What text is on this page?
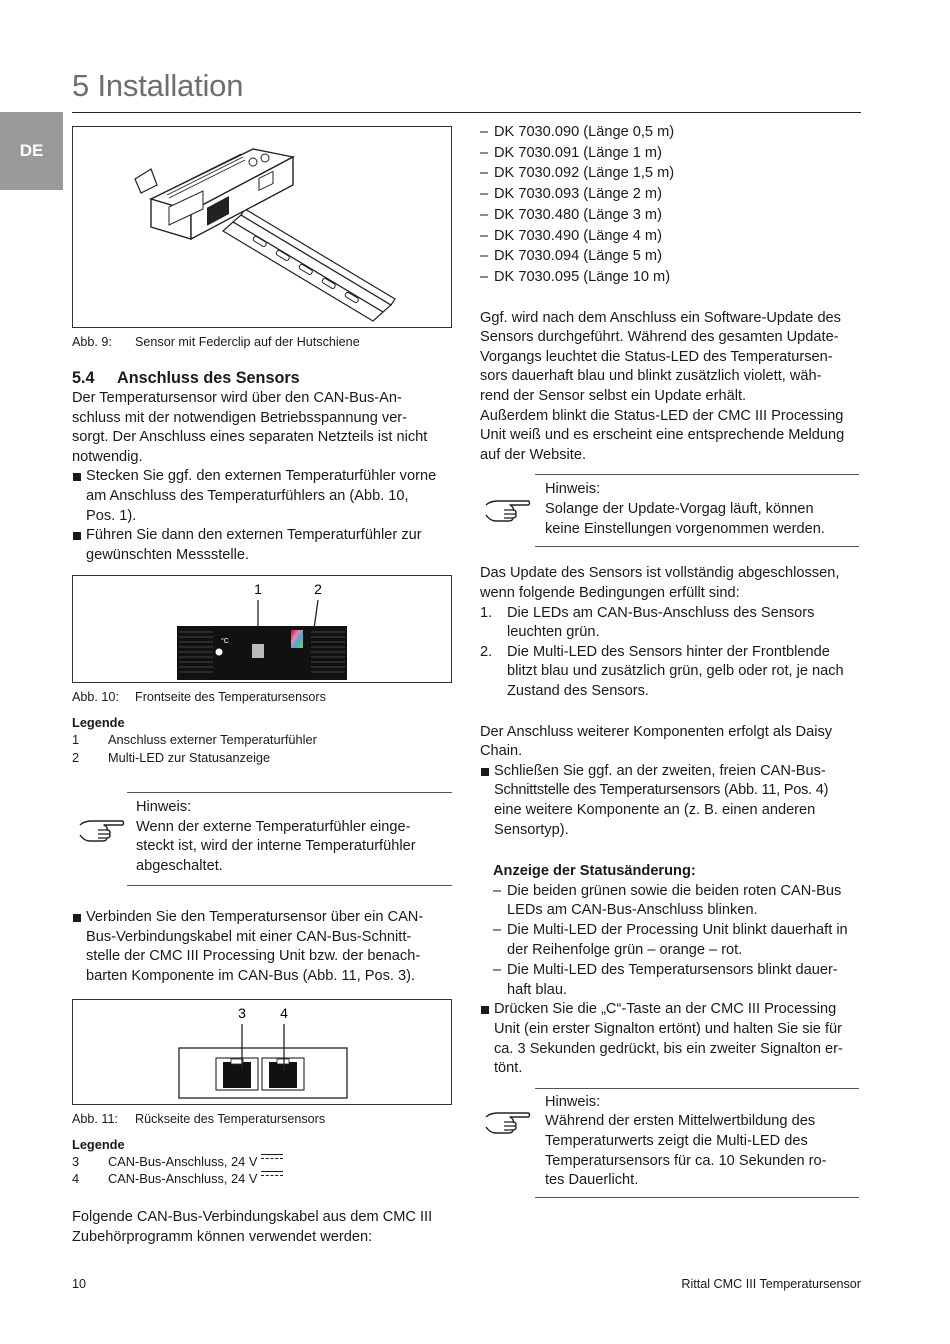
5 Installation
DE
Abb. 9:	Sensor mit Federclip auf der Hutschiene
5.4	Anschluss des Sensors
Der Temperatursensor wird über den CAN-Bus-An-
schluss mit der notwendigen Betriebsspannung ver-
sorgt. Der Anschluss eines separaten Netzteils ist nicht
notwendig.
Stecken Sie ggf. den externen Temperaturfühler vorne
am Anschluss des Temperaturfühlers an (Abb. 10,
Pos. 1).
Führen Sie dann den externen Temperaturfühler zur
gewünschten Messstelle.
1	2
°C
Abb. 10:	Frontseite des Temperatursensors
Legende
1	Anschluss externer Temperaturfühler
2	Multi-LED zur Statusanzeige
Hinweis:
Wenn der externe Temperaturfühler einge-
steckt ist, wird der interne Temperaturfühler
abgeschaltet.
Verbinden Sie den Temperatursensor über ein CAN-
Bus-Verbindungskabel mit einer CAN-Bus-Schnitt-
stelle der CMC III Processing Unit bzw. der benach-
barten Komponente im CAN-Bus (Abb. 11, Pos. 3).
3 4
Abb. 11:	Rückseite des Temperatursensors
Legende
3	CAN-Bus-Anschluss, 24 V
4	CAN-Bus-Anschluss, 24 V
Folgende CAN-Bus-Verbindungskabel aus dem CMC III
Zubehörprogramm können verwendet werden:
– DK 7030.090 (Länge 0,5 m)
– DK 7030.091 (Länge 1 m)
– DK 7030.092 (Länge 1,5 m)
– DK 7030.093 (Länge 2 m)
– DK 7030.480 (Länge 3 m)
– DK 7030.490 (Länge 4 m)
– DK 7030.094 (Länge 5 m)
– DK 7030.095 (Länge 10 m)
Ggf. wird nach dem Anschluss ein Software-Update des
Sensors durchgeführt. Während des gesamten Update-
Vorgangs leuchtet die Status-LED des Temperatursen-
sors dauerhaft blau und blinkt zusätzlich violett, wäh-
rend der Sensor selbst ein Update erhält.
Außerdem blinkt die Status-LED der CMC III Processing
Unit weiß und es erscheint eine entsprechende Meldung
auf der Website.
Hinweis:
Solange der Update-Vorgag läuft, können
keine Einstellungen vorgenommen werden.
Das Update des Sensors ist vollständig abgeschlossen,
wenn folgende Bedingungen erfüllt sind:
1.	Die LEDs am CAN-Bus-Anschluss des Sensors
leuchten grün.
2.	Die Multi-LED des Sensors hinter der Frontblende
blitzt blau und zusätzlich grün, gelb oder rot, je nach
Zustand des Sensors.
Der Anschluss weiterer Komponenten erfolgt als Daisy
Chain.
Schließen Sie ggf. an der zweiten, freien CAN-Bus-
Schnittstelle des Temperatursensors (Abb. 11, Pos. 4)
eine weitere Komponente an (z. B. einen anderen
Sensortyp).
Anzeige der Statusänderung:
– Die beiden grünen sowie die beiden roten CAN-Bus
LEDs am CAN-Bus-Anschluss blinken.
– Die Multi-LED der Processing Unit blinkt dauerhaft in
der Reihenfolge grün – orange – rot.
– Die Multi-LED des Temperatursensors blinkt dauer-
haft blau.
Drücken Sie die „C“-Taste an der CMC III Processing
Unit (ein erster Signalton ertönt) und halten Sie sie für
ca. 3 Sekunden gedrückt, bis ein zweiter Signalton er-
tönt.
Hinweis:
Während der ersten Mittelwertbildung des
Temperaturwerts zeigt die Multi-LED des
Temperatursensors für ca. 10 Sekunden ro-
tes Dauerlicht.
10	Rittal CMC III Temperatursensor
